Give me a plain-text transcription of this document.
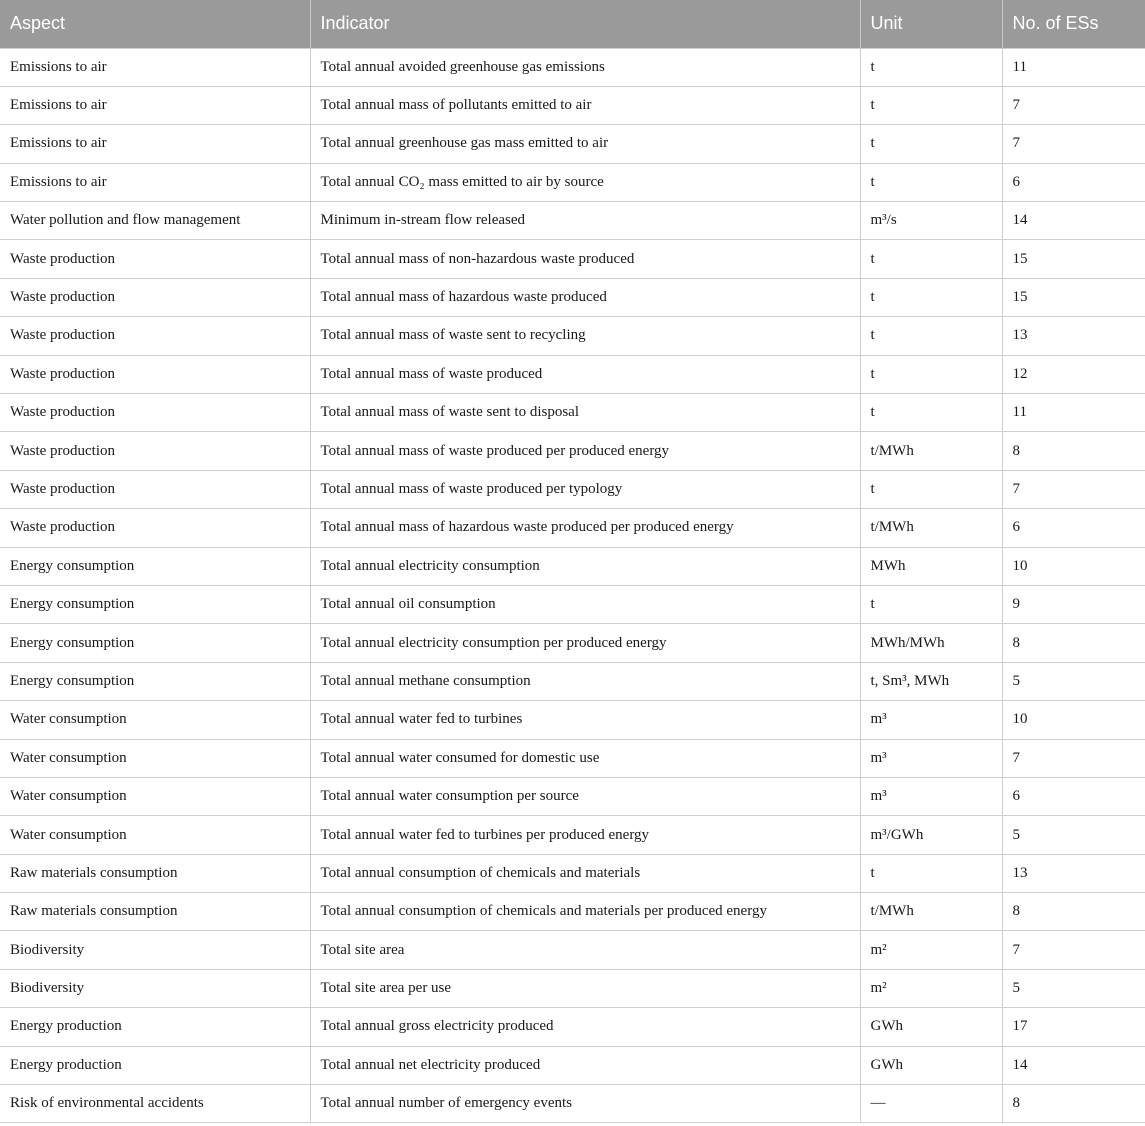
Aspect	Indicator	Unit	No. of ESs
Emissions to air	Total annual avoided greenhouse gas emissions	t	11
Emissions to air	Total annual mass of pollutants emitted to air	t	7
Emissions to air	Total annual greenhouse gas mass emitted to air	t	7
Emissions to air	Total annual CO₂ mass emitted to air by source	t	6
Water pollution and flow management	Minimum in-stream flow released	m³/s	14
Waste production	Total annual mass of non-hazardous waste produced	t	15
Waste production	Total annual mass of hazardous waste produced	t	15
Waste production	Total annual mass of waste sent to recycling	t	13
Waste production	Total annual mass of waste produced	t	12
Waste production	Total annual mass of waste sent to disposal	t	11
Waste production	Total annual mass of waste produced per produced energy	t/MWh	8
Waste production	Total annual mass of waste produced per typology	t	7
Waste production	Total annual mass of hazardous waste produced per produced energy	t/MWh	6
Energy consumption	Total annual electricity consumption	MWh	10
Energy consumption	Total annual oil consumption	t	9
Energy consumption	Total annual electricity consumption per produced energy	MWh/MWh	8
Energy consumption	Total annual methane consumption	t, Sm³, MWh	5
Water consumption	Total annual water fed to turbines	m³	10
Water consumption	Total annual water consumed for domestic use	m³	7
Water consumption	Total annual water consumption per source	m³	6
Water consumption	Total annual water fed to turbines per produced energy	m³/GWh	5
Raw materials consumption	Total annual consumption of chemicals and materials	t	13
Raw materials consumption	Total annual consumption of chemicals and materials per produced energy	t/MWh	8
Biodiversity	Total site area	m²	7
Biodiversity	Total site area per use	m²	5
Energy production	Total annual gross electricity produced	GWh	17
Energy production	Total annual net electricity produced	GWh	14
Risk of environmental accidents	Total annual number of emergency events	—	8
